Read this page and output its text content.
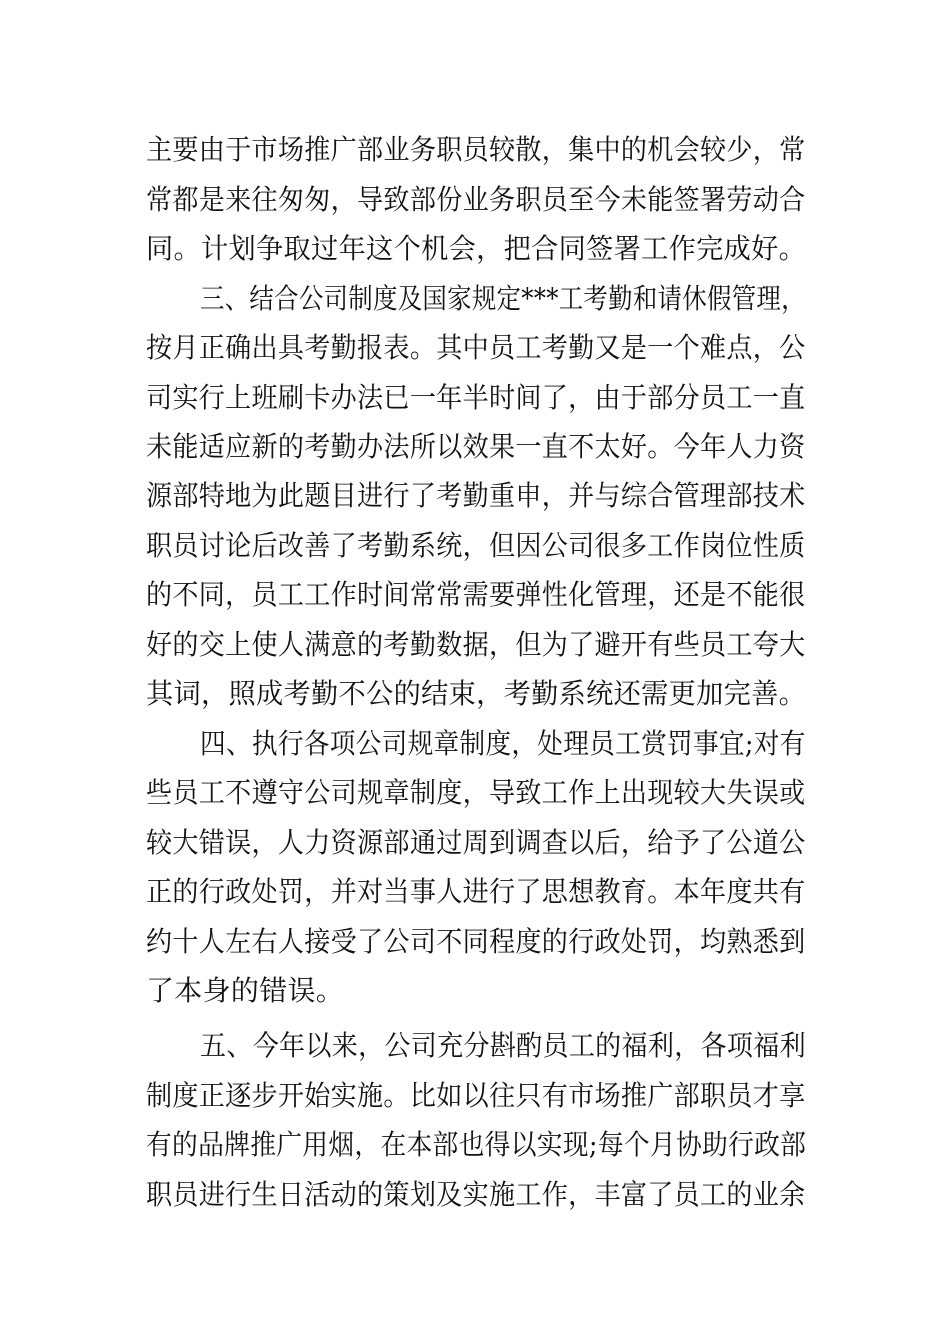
主要由于市场推广部业务职员较散，集中的机会较少，常
常都是来往匆匆，导致部份业务职员至今未能签署劳动合
同。计划争取过年这个机会，把合同签署工作完成好。
三、结合公司制度及国家规定***工考勤和请休假管理，
按月正确出具考勤报表。其中员工考勤又是一个难点，公
司实行上班刷卡办法已一年半时间了，由于部分员工一直
未能适应新的考勤办法所以效果一直不太好。今年人力资
源部特地为此题目进行了考勤重申，并与综合管理部技术
职员讨论后改善了考勤系统，但因公司很多工作岗位性质
的不同，员工工作时间常常需要弹性化管理，还是不能很
好的交上使人满意的考勤数据，但为了避开有些员工夸大
其词，照成考勤不公的结束，考勤系统还需更加完善。
四、执行各项公司规章制度，处理员工赏罚事宜;对有
些员工不遵守公司规章制度，导致工作上出现较大失误或
较大错误，人力资源部通过周到调查以后，给予了公道公
正的行政处罚，并对当事人进行了思想教育。本年度共有
约十人左右人接受了公司不同程度的行政处罚，均熟悉到
了本身的错误。
五、今年以来，公司充分斟酌员工的福利，各项福利
制度正逐步开始实施。比如以往只有市场推广部职员才享
有的品牌推广用烟，在本部也得以实现;每个月协助行政部
职员进行生日活动的策划及实施工作，丰富了员工的业余
